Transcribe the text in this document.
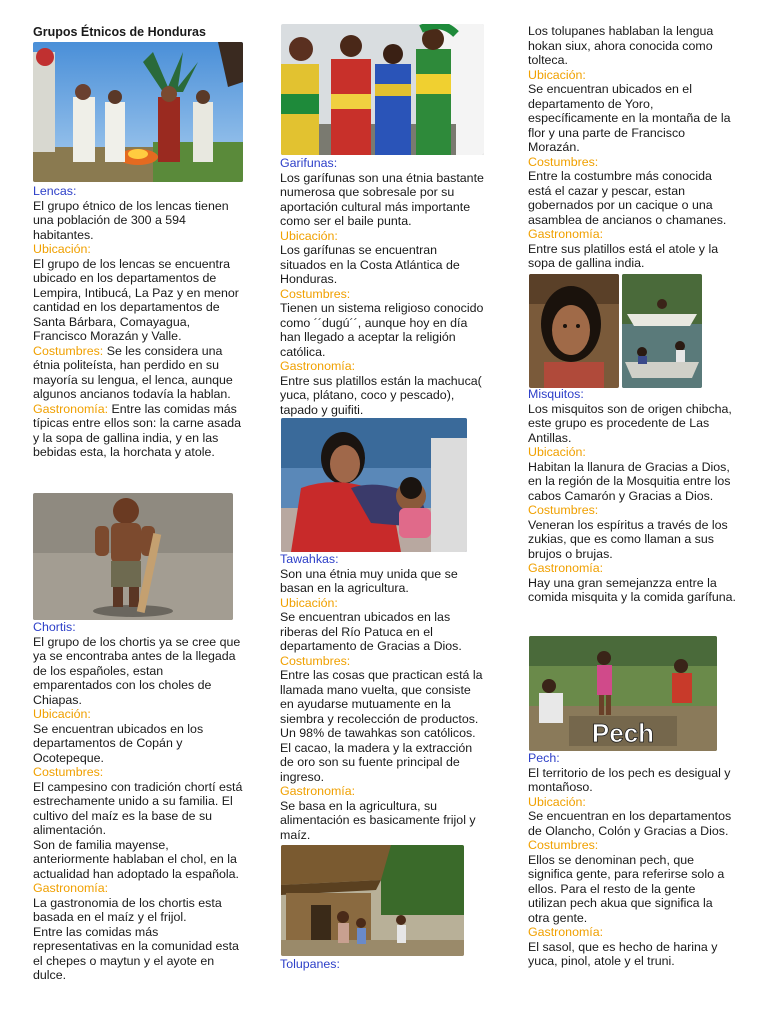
Grupos Étnicos de Honduras

Lencas:

El grupo étnico de los lencas tienen una población de 300 a 594 habitantes.

Ubicación:

El grupo de los lencas se encuentra ubicado en los departamentos de Lempira, Intibucá, La Paz y en menor cantidad en los departamentos de Santa Bárbara, Comayagua, Francisco Morazán y Valle.

Costumbres: Se les considera una étnia politeísta, han perdido en su mayoría su lengua, el lenca, aunque algunos ancianos todavía la hablan.

Gastronomía: Entre las comidas más típicas entre ellos son: la carne asada y la sopa de gallina india, y en las bebidas esta, la horchata y atole.

Chortis:

El grupo de los chortis ya se cree que ya se encontraba antes de la llegada de los españoles, estan emparentados con los choles de Chiapas.

Ubicación:

Se encuentran ubicados en los departamentos de Copán y Ocotepeque.

Costumbres:

El campesino con tradición chortí está estrechamente unido a su familia. El cultivo del maíz es la base de su alimentación.
Son de familia mayense, anteriormente hablaban el chol, en la actualidad han adoptado la española.

Gastronomía:

La gastronomia de los chortis esta basada en el maíz y el frijol.
Entre las comidas más representativas en la comunidad esta el chepes o maytun y el ayote en dulce.

Garifunas:

Los garífunas son una étnia bastante numerosa que sobresale por su aportación cultural más importante como ser el baile punta.

Ubicación:

Los garífunas se encuentran situados en la Costa Atlántica de Honduras.

Costumbres:

Tienen un sistema religioso conocido como ´´dugú´´, aunque hoy en día han llegado a aceptar la religión católica.

Gastronomía:

Entre sus platillos están la machuca( yuca, plátano, coco y pescado), tapado y guifiti.

Tawahkas:

Son una étnia muy unida que se basan en la agricultura.

Ubicación:

Se encuentran ubicados en las riberas del Río Patuca en el departamento de Gracias a Dios.

Costumbres:

Entre las cosas que practican está la llamada mano vuelta, que consiste en ayudarse mutuamente en la siembra y recolección de productos. Un 98% de tawahkas son católicos. El cacao, la madera y la extracción de oro son su fuente principal de ingreso.

Gastronomía:

Se basa en la agricultura, su alimentación es basicamente frijol y maíz.

Tolupanes:

Los tolupanes hablaban la lengua hokan siux, ahora conocida como tolteca.

Ubicación:

Se encuentran ubicados en el departamento de Yoro, específicamente en la montaña de la flor y una parte de Francisco Morazán.

Costumbres:

Entre la costumbre más conocida está el cazar y pescar, estan gobernados por un cacique o una asamblea de ancianos o chamanes.

Gastronomía:

Entre sus platillos está el atole y la sopa de gallina india.

Misquitos:

Los misquitos son de origen chibcha, este grupo es procedente de Las Antillas.

Ubicación:

Habitan la llanura de Gracias a Dios, en la región de la Mosquitia entre los cabos Camarón y Gracias a Dios.

Costumbres:

Veneran los espíritus a través de los zukias, que es como llaman a sus brujos o brujas.

Gastronomía:

Hay una gran semejanzza entre la comida misquita y la comida garífuna.

Pech

Pech:

El territorio de los pech es desigual y montañoso.

Ubicación:

Se encuentran en los departamentos de Olancho, Colón y Gracias a Dios.

Costumbres:

Ellos se denominan pech, que significa gente, para referirse solo a ellos. Para el resto de la gente utilizan pech akua que significa la otra gente.

Gastronomía:

El sasol, que es hecho de harina y yuca, pinol, atole y el truni.
